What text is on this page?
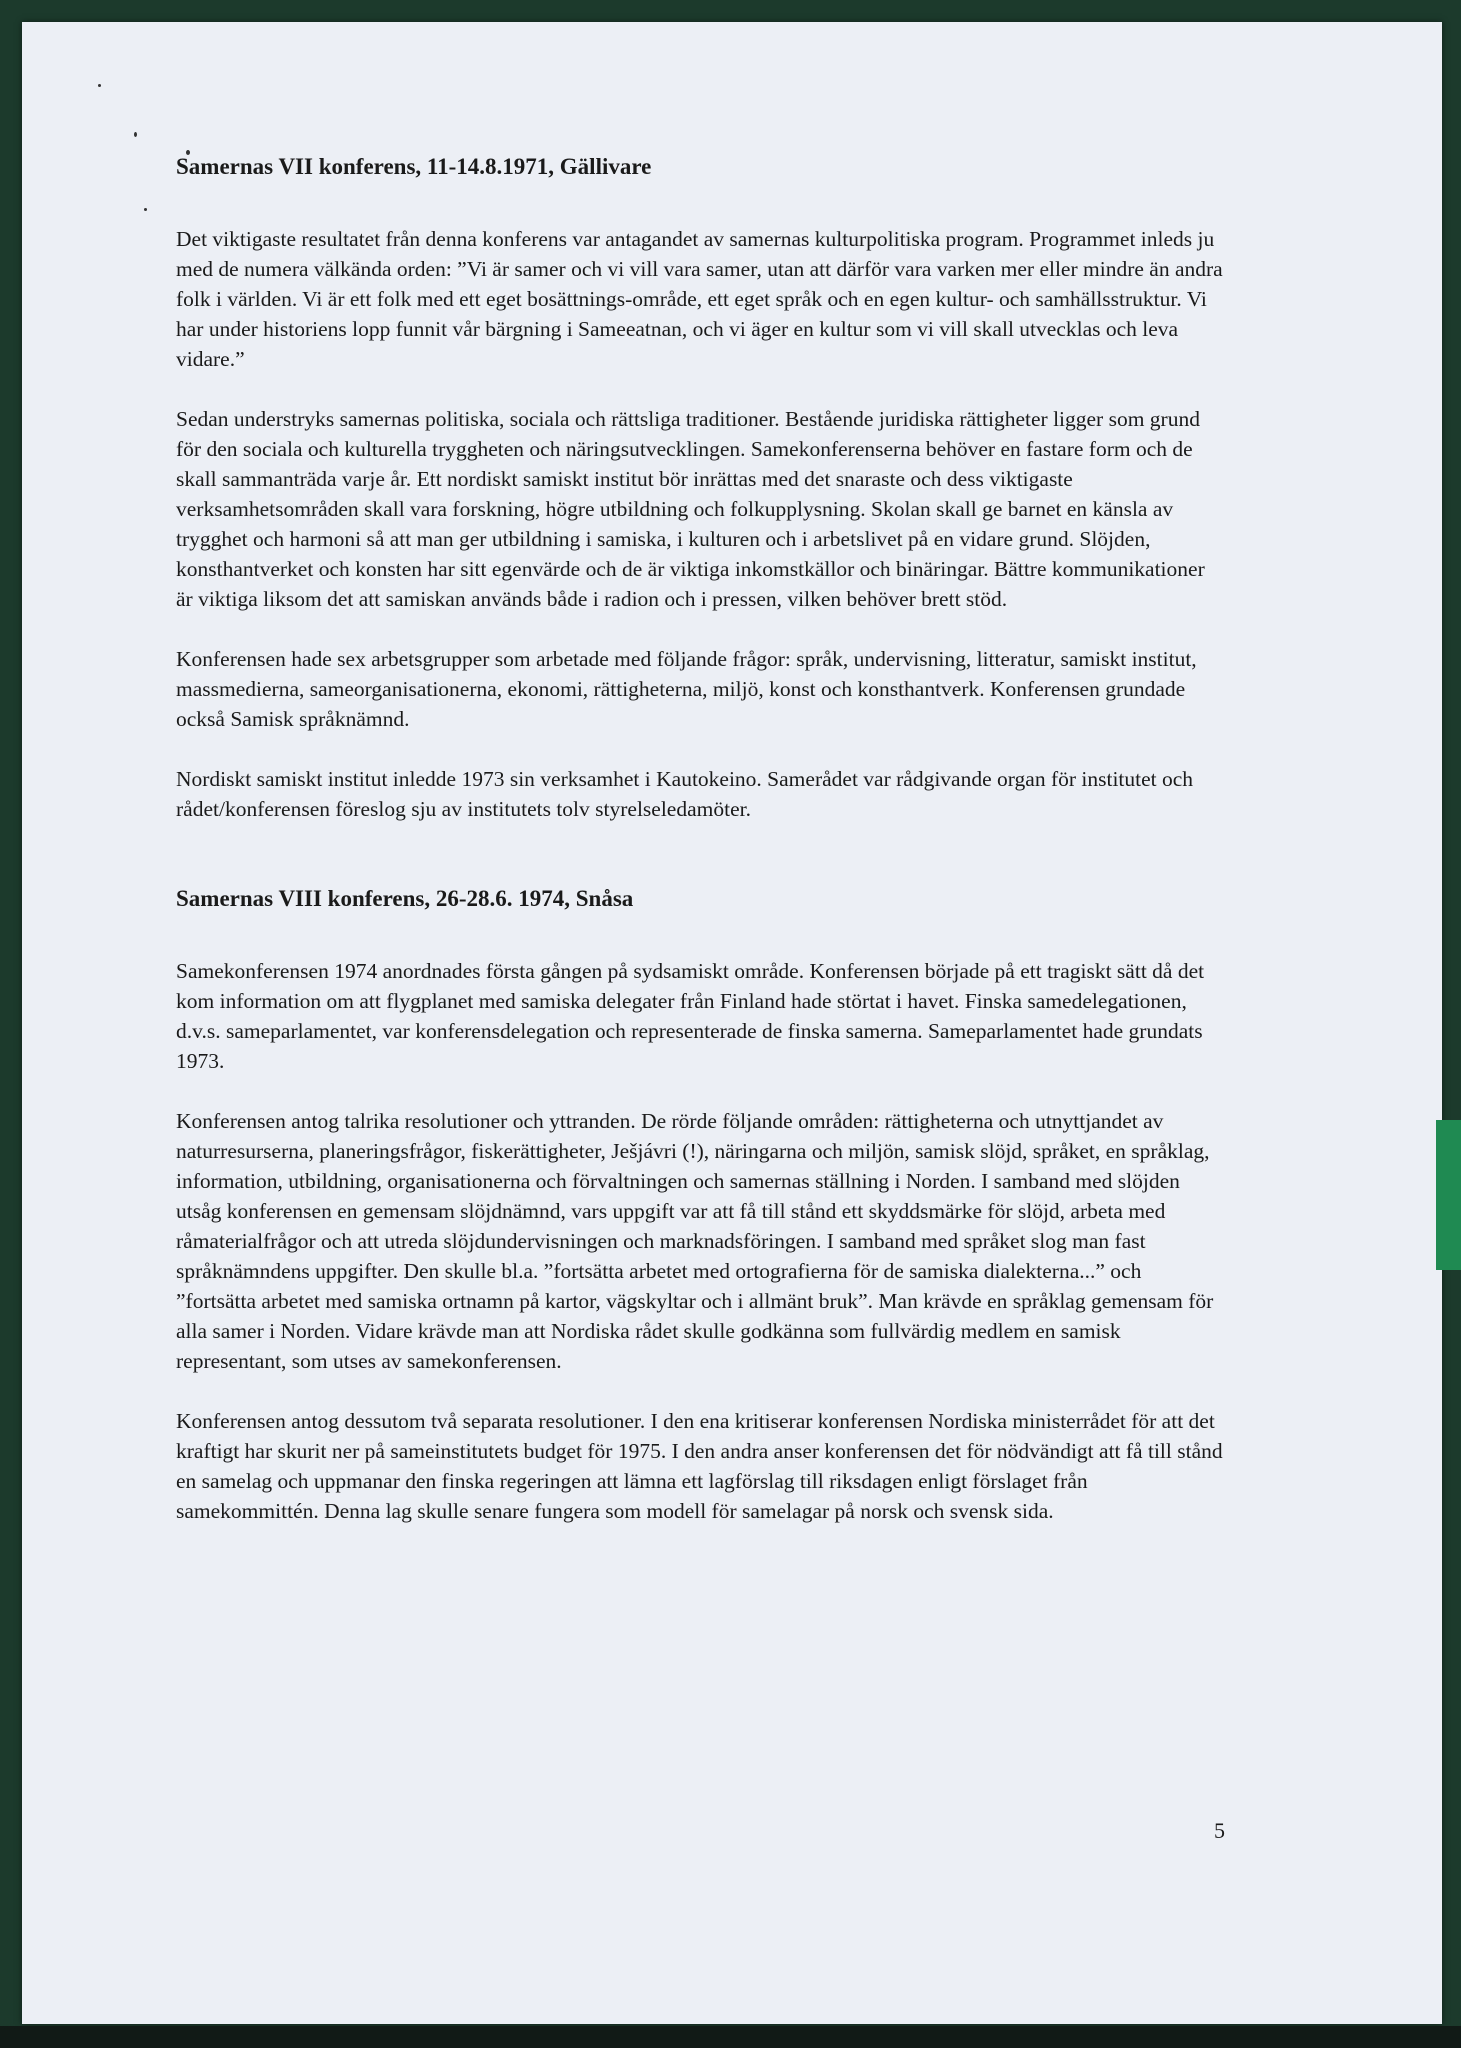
Samernas VII konferens, 11-14.8.1971, Gällivare

Det viktigaste resultatet från denna konferens var antagandet av samernas kulturpolitiska program. Programmet inleds ju med de numera välkända orden: ”Vi är samer och vi vill vara samer, utan att därför vara varken mer eller mindre än andra folk i världen. Vi är ett folk med ett eget bosättnings-område, ett eget språk och en egen kultur- och samhällsstruktur. Vi har under historiens lopp funnit vår bärgning i Sameeatnan, och vi äger en kultur som vi vill skall utvecklas och leva vidare.”

Sedan understryks samernas politiska, sociala och rättsliga traditioner. Bestående juridiska rättigheter ligger som grund för den sociala och kulturella tryggheten och näringsutvecklingen. Samekonferenserna behöver en fastare form och de skall sammanträda varje år. Ett nordiskt samiskt institut bör inrättas med det snaraste och dess viktigaste verksamhetsområden skall vara forskning, högre utbildning och folkupplysning. Skolan skall ge barnet en känsla av trygghet och harmoni så att man ger utbildning i samiska, i kulturen och i arbetslivet på en vidare grund. Slöjden, konsthantverket och konsten har sitt egenvärde och de är viktiga inkomstkällor och binäringar. Bättre kommunikationer är viktiga liksom det att samiskan används både i radion och i pressen, vilken behöver brett stöd.

Konferensen hade sex arbetsgrupper som arbetade med följande frågor: språk, undervisning, litteratur, samiskt institut, massmedierna, sameorganisationerna, ekonomi, rättigheterna, miljö, konst och konsthantverk. Konferensen grundade också Samisk språknämnd.

Nordiskt samiskt institut inledde 1973 sin verksamhet i Kautokeino. Samerådet var rådgivande organ för institutet och rådet/konferensen föreslog sju av institutets tolv styrelseledamöter.

Samernas VIII konferens, 26-28.6. 1974, Snåsa

Samekonferensen 1974 anordnades första gången på sydsamiskt område. Konferensen började på ett tragiskt sätt då det kom information om att flygplanet med samiska delegater från Finland hade störtat i havet. Finska samedelegationen, d.v.s. sameparlamentet, var konferensdelegation och representerade de finska samerna. Sameparlamentet hade grundats 1973.

Konferensen antog talrika resolutioner och yttranden. De rörde följande områden: rättigheterna och utnyttjandet av naturresurserna, planeringsfrågor, fiskerättigheter, Ješjávri (!), näringarna och miljön, samisk slöjd, språket, en språklag, information, utbildning, organisationerna och förvaltningen och samernas ställning i Norden. I samband med slöjden utsåg konferensen en gemensam slöjdnämnd, vars uppgift var att få till stånd ett skyddsmärke för slöjd, arbeta med råmaterialfrågor och att utreda slöjdundervisningen och marknadsföringen. I samband med språket slog man fast språknämndens uppgifter. Den skulle bl.a. ”fortsätta arbetet med ortografierna för de samiska dialekterna...” och ”fortsätta arbetet med samiska ortnamn på kartor, vägskyltar och i allmänt bruk”. Man krävde en språklag gemensam för alla samer i Norden. Vidare krävde man att Nordiska rådet skulle godkänna som fullvärdig medlem en samisk representant, som utses av samekonferensen.

Konferensen antog dessutom två separata resolutioner. I den ena kritiserar konferensen Nordiska ministerrådet för att det kraftigt har skurit ner på sameinstitutets budget för 1975. I den andra anser konferensen det för nödvändigt att få till stånd en samelag och uppmanar den finska regeringen att lämna ett lagförslag till riksdagen enligt förslaget från samekommittén. Denna lag skulle senare fungera som modell för samelagar på norsk och svensk sida.

5
